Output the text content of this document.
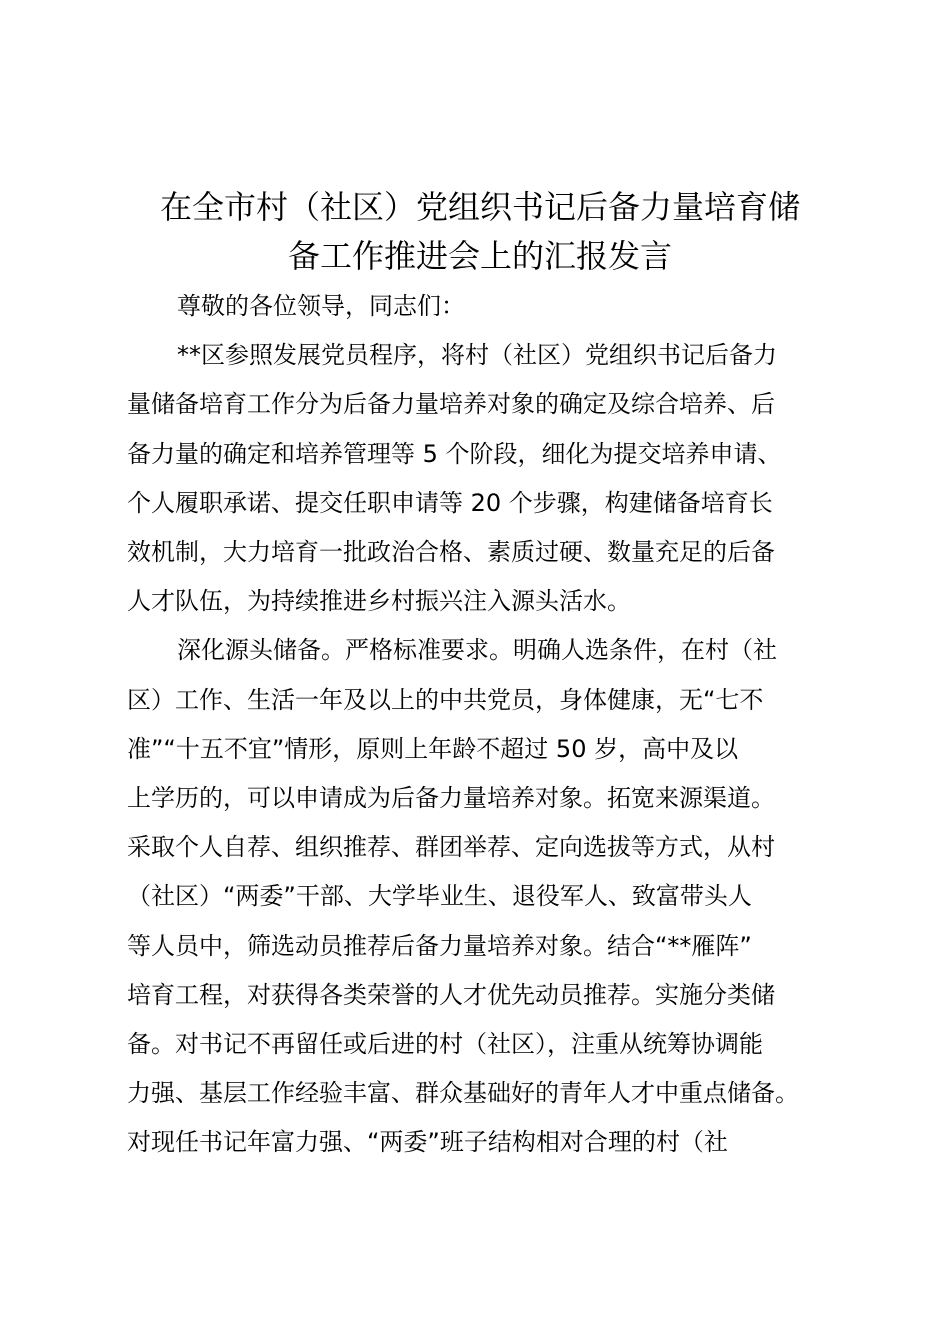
在全市村（社区）党组织书记后备力量培育储
备工作推进会上的汇报发言

尊敬的各位领导，同志们：

**区参照发展党员程序，将村（社区）党组织书记后备力
量储备培育工作分为后备力量培养对象的确定及综合培养、后
备力量的确定和培养管理等 5 个阶段，细化为提交培养申请、
个人履职承诺、提交任职申请等 20 个步骤，构建储备培育长
效机制，大力培育一批政治合格、素质过硬、数量充足的后备
人才队伍，为持续推进乡村振兴注入源头活水。

深化源头储备。严格标准要求。明确人选条件，在村（社
区）工作、生活一年及以上的中共党员，身体健康，无“七不
准”“十五不宜”情形，原则上年龄不超过 50 岁，高中及以
上学历的，可以申请成为后备力量培养对象。拓宽来源渠道。
采取个人自荐、组织推荐、群团举荐、定向选拔等方式，从村
（社区）“两委”干部、大学毕业生、退役军人、致富带头人
等人员中，筛选动员推荐后备力量培养对象。结合“**雁阵”
培育工程，对获得各类荣誉的人才优先动员推荐。实施分类储
备。对书记不再留任或后进的村（社区），注重从统筹协调能
力强、基层工作经验丰富、群众基础好的青年人才中重点储备。
对现任书记年富力强、“两委”班子结构相对合理的村（社
